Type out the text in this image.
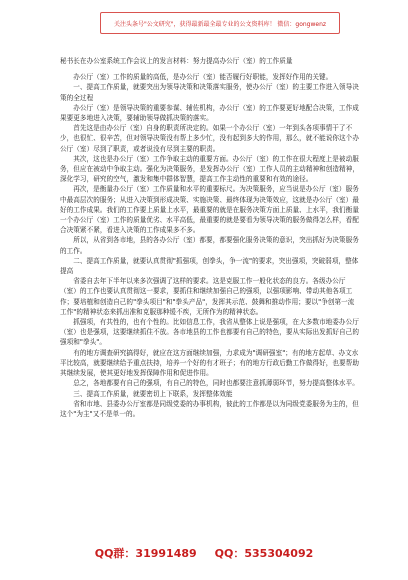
关注头条号"公文研究"，获得最新最全最专业的公文资料库！ 微信：gongwenz

秘书长在办公室系统工作会议上的发言材料：努力提高办公厅（室）的工作质量

办公厅（室）工作的质量的高低，是办公厅（室）能否履行好职能，发挥好作用的关键。

一、提高工作质量，就要突出为领导决策和决策落实服务，使办公厅（室）的主要工作进入领导决策的全过程

办公厅（室）是领导决策的重要参谋、辅佐机构，办公厅（室）的工作要更好地配合决策，工作成果要更多地进入决策，要辅助领导做抓决策的落实。

首先这是由办公厅（室）自身的职责所决定的。如果一个办公厅（室）一年到头各项事情干了不少，也很忙、很辛苦，但对领导决策没有帮上多少忙，没有起到多大的作用，那么，就不能说你这个办公厅（室）尽到了职责，或者说没有尽到主要的职责。

其次，这也是办公厅（室）工作争取主动的重要方面。办公厅（室）的工作在很大程度上是被动服务，但应在被动中争取主动。强化为决策服务，是发挥办公厅（室）工作人员的主动精神和创造精神，深化学习，研究的空气，激发和集中群体智慧，提高工作主动性的重要和有效的途径。

再次，是衡量办公厅（室）工作质量和水平的重要标尺。为决策服务，应当说是办公厅（室）服务中最高层次的服务；从进入决策到形成决策、实施决策、最终体现为决策效应，这就是办公厅（室）最好的工作成果。我们的工作要上质量上水平，最重要的就是在服务决策方面上质量、上水平，我们衡量一个办公厅（室）工作的质量优劣、水平高低，最重要的就是要看为领导决策的服务做得怎么样，看配合决策紧不紧，看进入决策的工作成果多不多。

所以，从省到各市地，县的各办公厅（室）都要，都要强化服务决策的意识，突出抓好为决策服务的工作。

二、提高工作质量，就要认真贯彻"抓强项，创拳头，争一流"的要求，突出强项，突破弱项，整体提高

省委自去年下半年以来多次强调了这样的要求。这是克服工作一般化状态的良方。各级办公厅（室）的工作也要认真贯彻这一要求，要抓住和继续加强自己的强项，以强项影响、带动其他各项工作；要培植和创造自己的"拳头项目"和"拳头产品"，发挥其示范、鼓舞和推动作用；要以"争创第一流工作"的精神状态来抓出准和克服那种缓不疾，无所作为的精神状态。

抓强项，有共性的，也有个性的。比如信息工作，我省从整体上说是强项，在大多数市地委办公厅（室）也是强项，这要继续抓住不放。各市地县的工作也都要有自己的特色，要从实际出发抓好自己的强项和"拳头"。

有的地方调查研究搞得好，就应在这方面继续加强，力求成为"调研强室"；有的地方起草、办文水平比较高，就要继续给予重点扶持，培养一个好的有才班子；有的地方行政后勤工作做得好，也要帮助其继续发展，使其更好地发挥保障作用和促进作用。

总之，各地都要有自己的强项，有自己的特色，同时也都要注意抓薄弱环节，努力提高整体水平。

三、提高工作质量，就要密切上下联系，发挥整体效能

省和市地、县委办公厅室都是同级党委的办事机构，彼此的工作都是以为同级党委服务为主的，但这个"为主"又不是单一的。

QQ群：31991489 QQ：535304092
